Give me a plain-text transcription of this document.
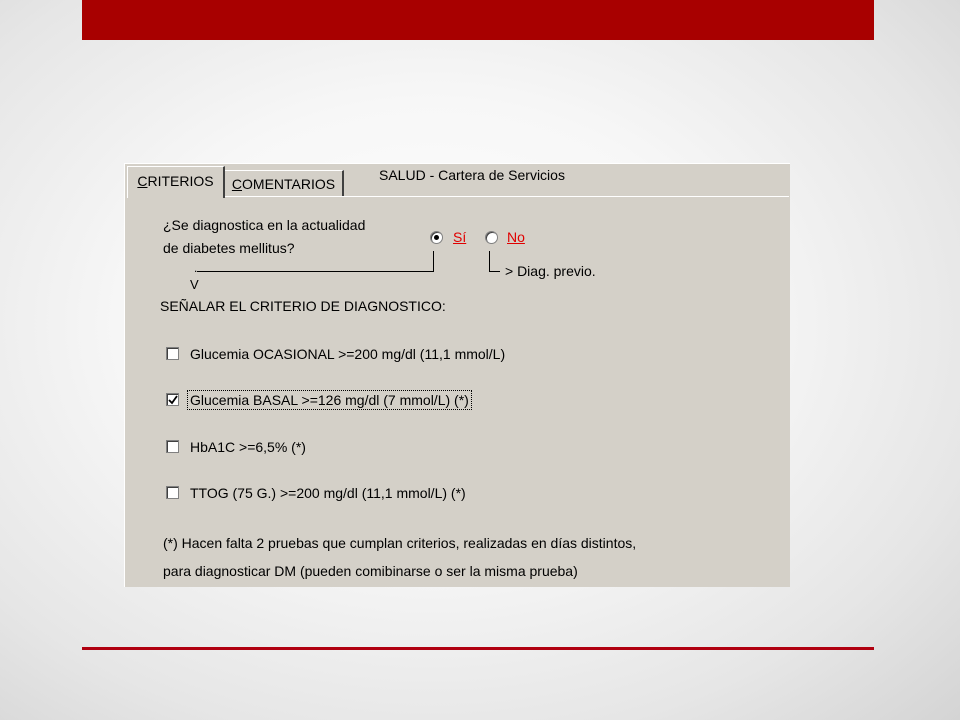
CRITERIOS	COMENTARIOS
SALUD - Cartera de Servicios
¿Se diagnostica en la actualidad
de diabetes mellitus?
Sí	No
.
V
> Diag. previo.
SEÑALAR EL CRITERIO DE DIAGNOSTICO:
Glucemia OCASIONAL >=200 mg/dl (11,1 mmol/L)
Glucemia BASAL >=126 mg/dl (7 mmol/L) (*)
HbA1C >=6,5% (*)
TTOG (75 G.) >=200 mg/dl (11,1 mmol/L) (*)
(*) Hacen falta 2 pruebas que cumplan criterios, realizadas en días distintos,
para diagnosticar DM (pueden comibinarse o ser la misma prueba)
